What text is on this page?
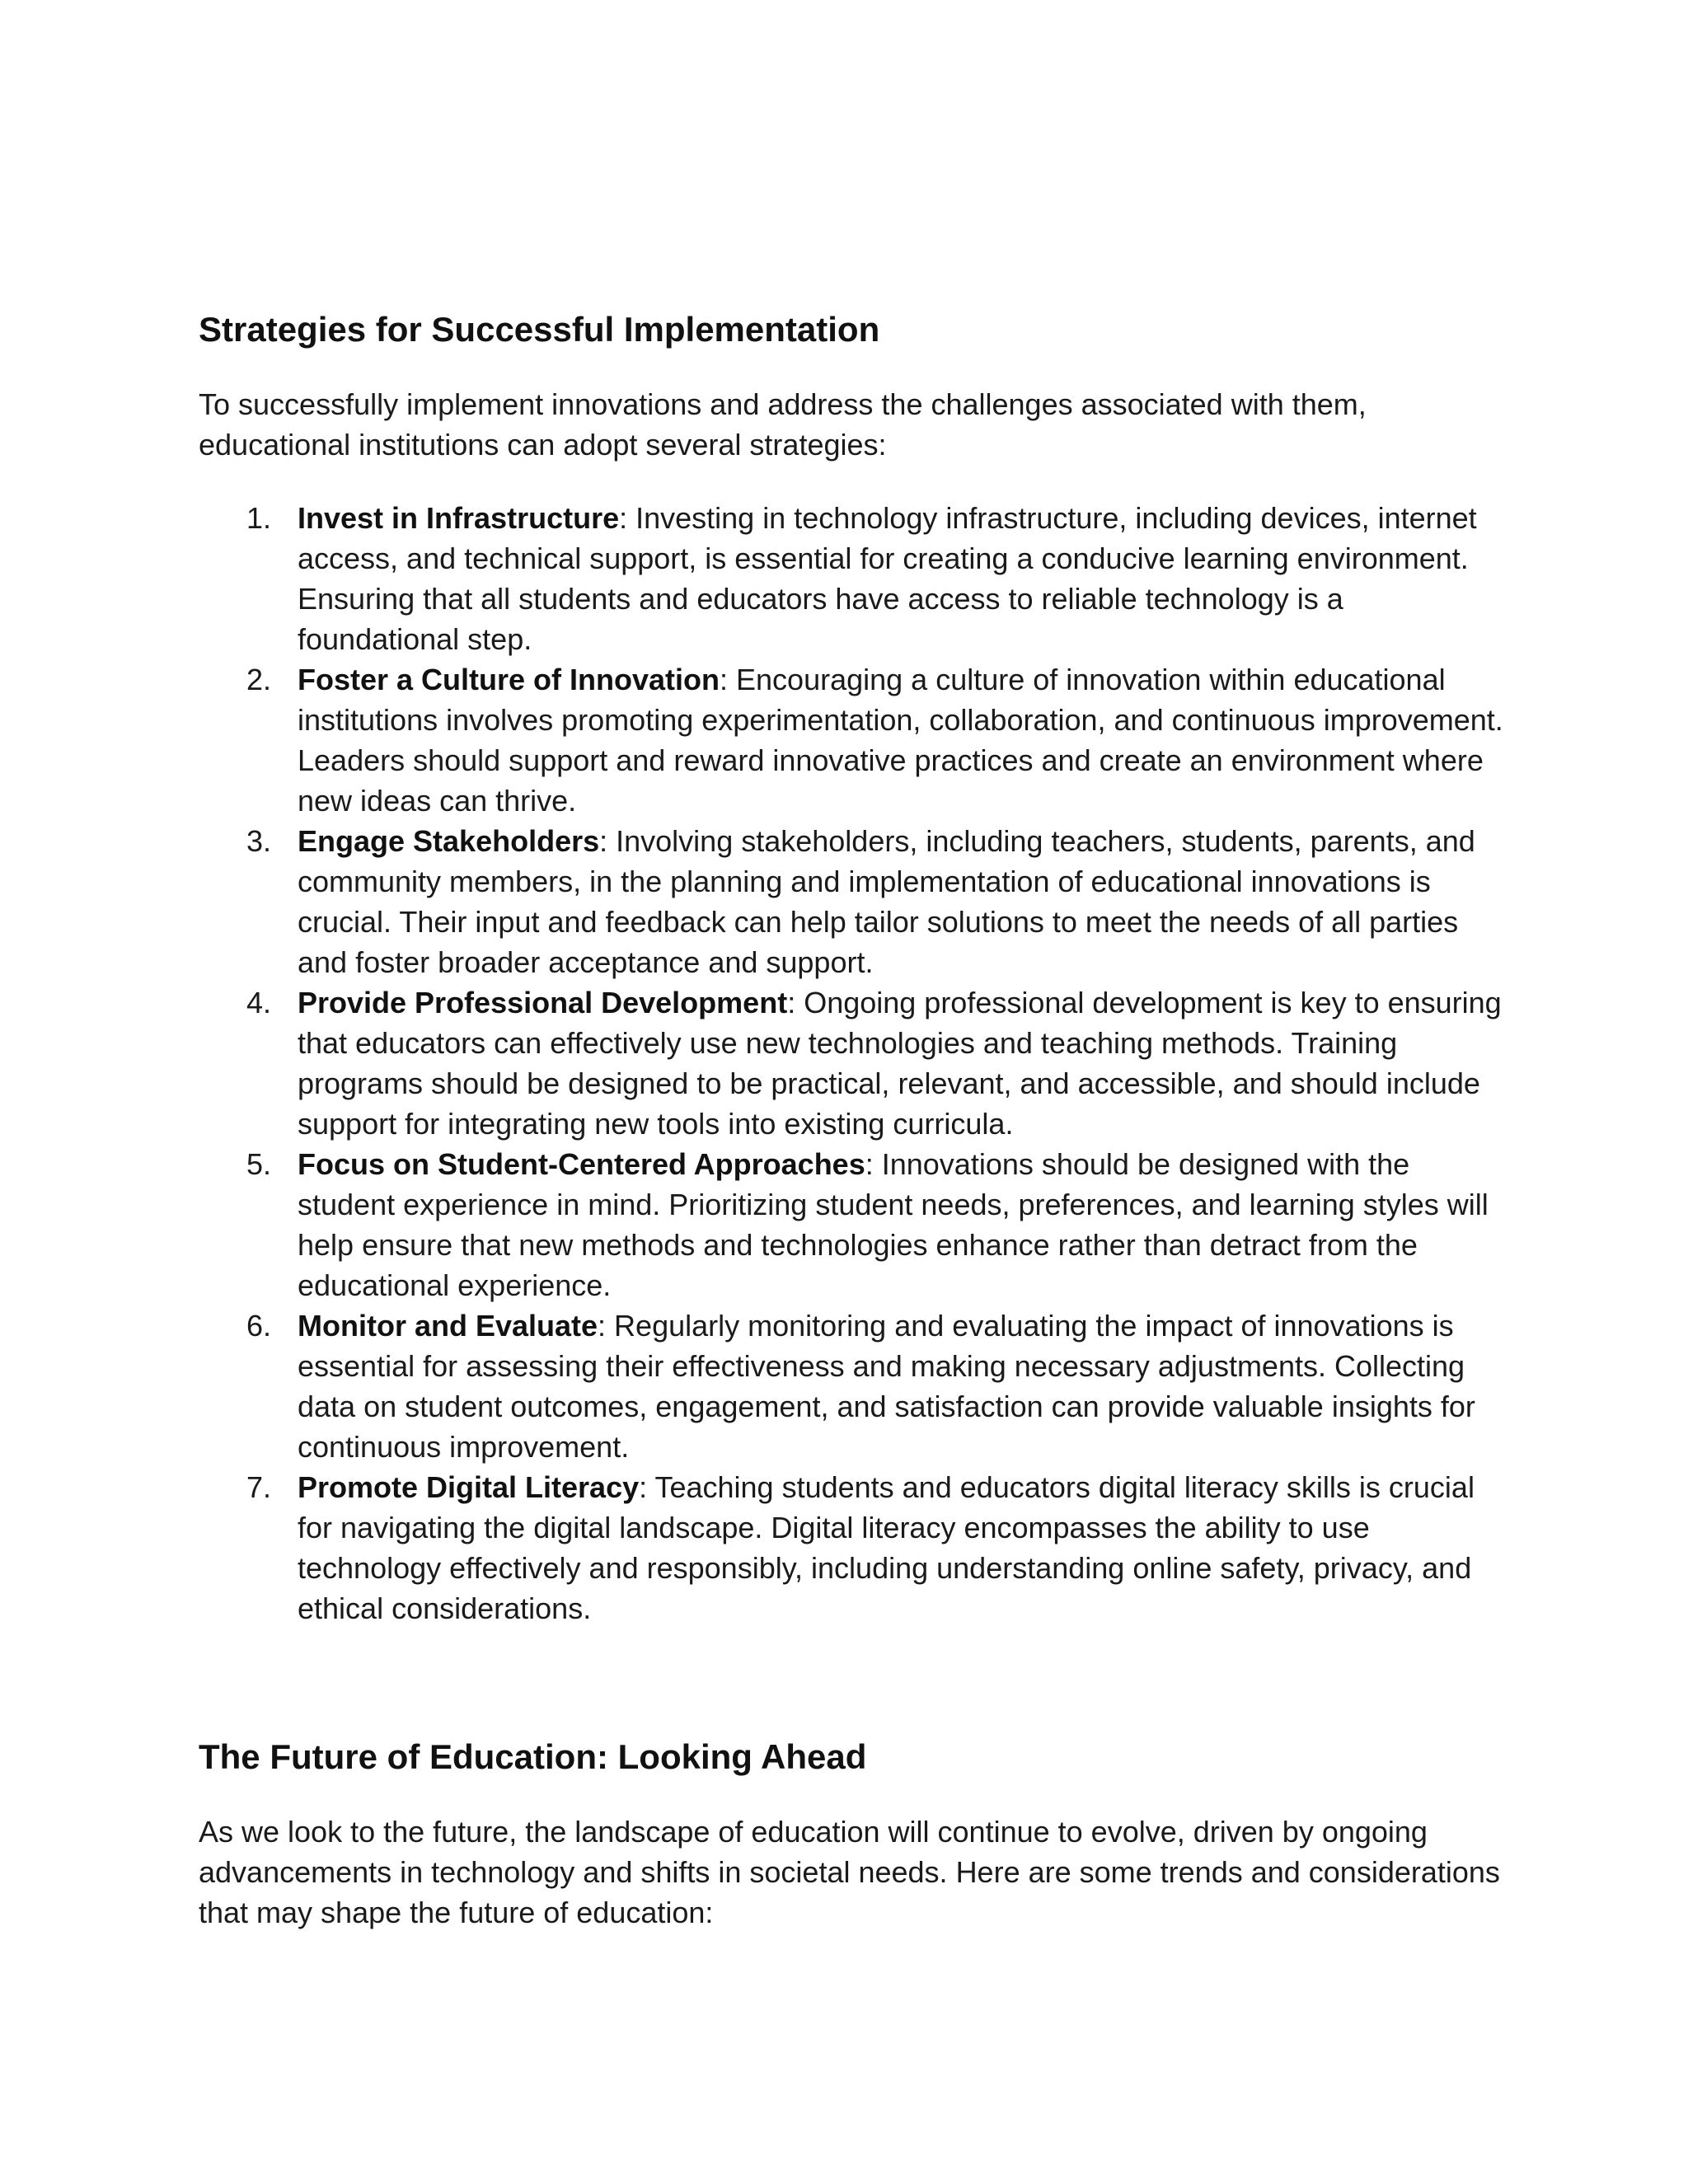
Strategies for Successful Implementation

To successfully implement innovations and address the challenges associated with them, educational institutions can adopt several strategies:

1. Invest in Infrastructure: Investing in technology infrastructure, including devices, internet access, and technical support, is essential for creating a conducive learning environment. Ensuring that all students and educators have access to reliable technology is a foundational step.
2. Foster a Culture of Innovation: Encouraging a culture of innovation within educational institutions involves promoting experimentation, collaboration, and continuous improvement. Leaders should support and reward innovative practices and create an environment where new ideas can thrive.
3. Engage Stakeholders: Involving stakeholders, including teachers, students, parents, and community members, in the planning and implementation of educational innovations is crucial. Their input and feedback can help tailor solutions to meet the needs of all parties and foster broader acceptance and support.
4. Provide Professional Development: Ongoing professional development is key to ensuring that educators can effectively use new technologies and teaching methods. Training programs should be designed to be practical, relevant, and accessible, and should include support for integrating new tools into existing curricula.
5. Focus on Student-Centered Approaches: Innovations should be designed with the student experience in mind. Prioritizing student needs, preferences, and learning styles will help ensure that new methods and technologies enhance rather than detract from the educational experience.
6. Monitor and Evaluate: Regularly monitoring and evaluating the impact of innovations is essential for assessing their effectiveness and making necessary adjustments. Collecting data on student outcomes, engagement, and satisfaction can provide valuable insights for continuous improvement.
7. Promote Digital Literacy: Teaching students and educators digital literacy skills is crucial for navigating the digital landscape. Digital literacy encompasses the ability to use technology effectively and responsibly, including understanding online safety, privacy, and ethical considerations.
The Future of Education: Looking Ahead

As we look to the future, the landscape of education will continue to evolve, driven by ongoing advancements in technology and shifts in societal needs. Here are some trends and considerations that may shape the future of education:
